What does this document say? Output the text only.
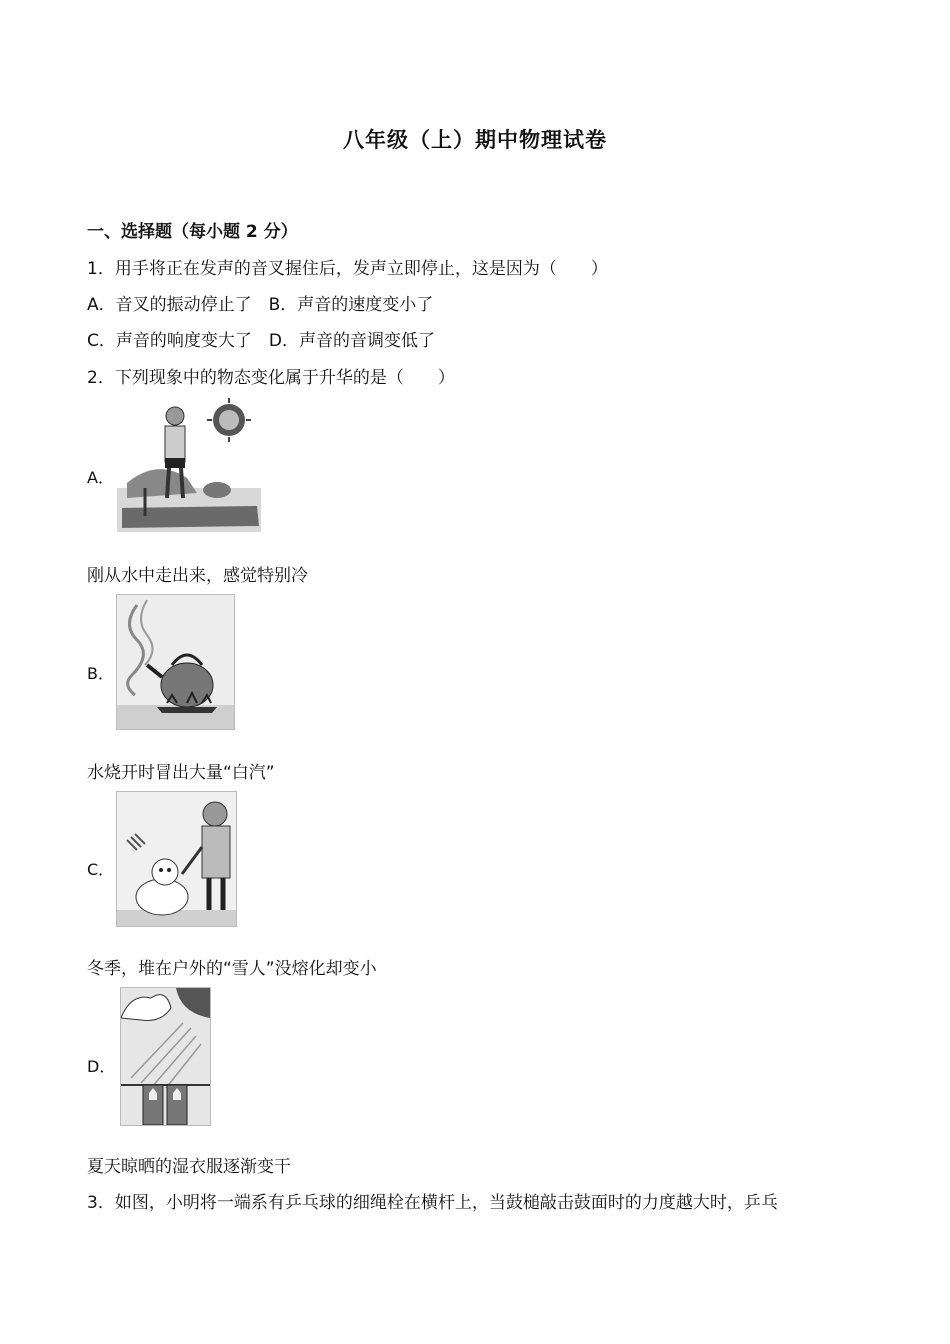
八年级（上）期中物理试卷
一、选择题（每小题 2 分）
1．用手将正在发声的音叉握住后，发声立即停止，这是因为（　　）
A．音叉的振动停止了　B．声音的速度变小了
C．声音的响度变大了　D．声音的音调变低了
2．下列现象中的物态变化属于升华的是（　　）
A．
刚从水中走出来，感觉特别冷
B．
水烧开时冒出大量“白汽”
C．
冬季，堆在户外的“雪人”没熔化却变小
D．
夏天晾晒的湿衣服逐渐变干
3．如图，小明将一端系有乒乓球的细绳栓在横杆上，当鼓槌敲击鼓面时的力度越大时，乒乓
